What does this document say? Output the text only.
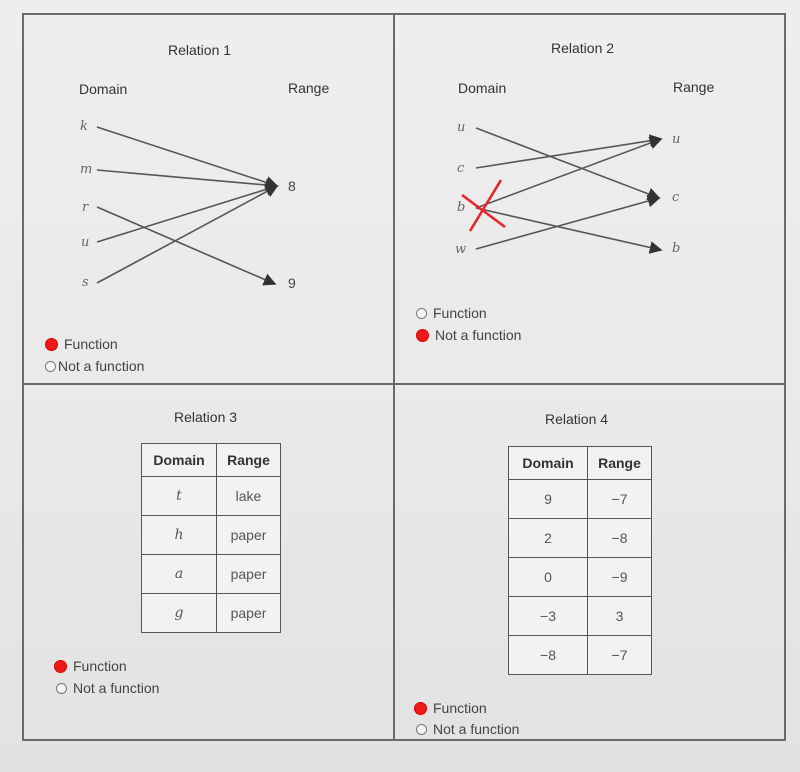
Relation 1
Domain	Range
k
m
r
u
s
8
9
Function
Not a function
Relation 2
Domain	Range
u
c
b
w
u
c
b
Function
Not a function
Relation 3
Domain	Range
t	lake
h	paper
a	paper
g	paper
Function
Not a function
Relation 4
Domain	Range
9	−7
2	−8
0	−9
−3	3
−8	−7
Function
Not a function
